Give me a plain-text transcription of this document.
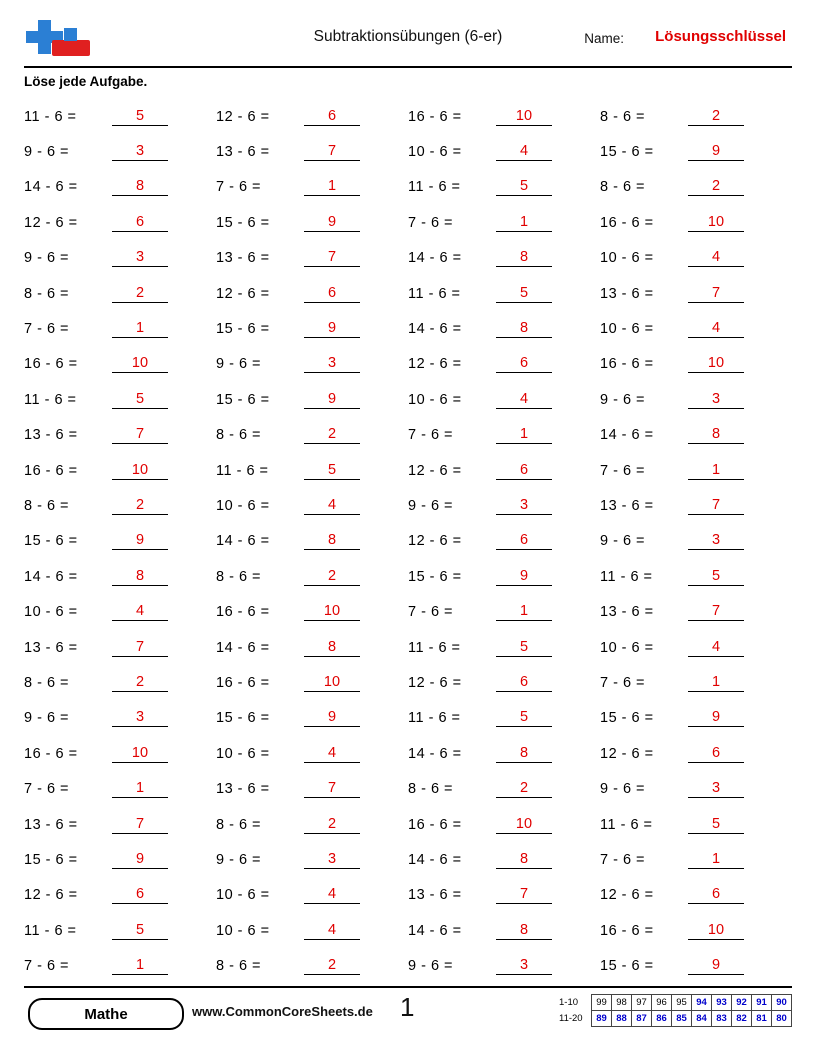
Subtraktionsübungen (6-er)	Name: Lösungsschlüssel
Löse jede Aufgabe.
11 - 6 =	5	12 - 6 =	6	16 - 6 =	10	8 - 6 =	2
9 - 6 =	3	13 - 6 =	7	10 - 6 =	4	15 - 6 =	9
14 - 6 =	8	7 - 6 =	1	11 - 6 =	5	8 - 6 =	2
12 - 6 =	6	15 - 6 =	9	7 - 6 =	1	16 - 6 =	10
9 - 6 =	3	13 - 6 =	7	14 - 6 =	8	10 - 6 =	4
8 - 6 =	2	12 - 6 =	6	11 - 6 =	5	13 - 6 =	7
7 - 6 =	1	15 - 6 =	9	14 - 6 =	8	10 - 6 =	4
16 - 6 =	10	9 - 6 =	3	12 - 6 =	6	16 - 6 =	10
11 - 6 =	5	15 - 6 =	9	10 - 6 =	4	9 - 6 =	3
13 - 6 =	7	8 - 6 =	2	7 - 6 =	1	14 - 6 =	8
16 - 6 =	10	11 - 6 =	5	12 - 6 =	6	7 - 6 =	1
8 - 6 =	2	10 - 6 =	4	9 - 6 =	3	13 - 6 =	7
15 - 6 =	9	14 - 6 =	8	12 - 6 =	6	9 - 6 =	3
14 - 6 =	8	8 - 6 =	2	15 - 6 =	9	11 - 6 =	5
10 - 6 =	4	16 - 6 =	10	7 - 6 =	1	13 - 6 =	7
13 - 6 =	7	14 - 6 =	8	11 - 6 =	5	10 - 6 =	4
8 - 6 =	2	16 - 6 =	10	12 - 6 =	6	7 - 6 =	1
9 - 6 =	3	15 - 6 =	9	11 - 6 =	5	15 - 6 =	9
16 - 6 =	10	10 - 6 =	4	14 - 6 =	8	12 - 6 =	6
7 - 6 =	1	13 - 6 =	7	8 - 6 =	2	9 - 6 =	3
13 - 6 =	7	8 - 6 =	2	16 - 6 =	10	11 - 6 =	5
15 - 6 =	9	9 - 6 =	3	14 - 6 =	8	7 - 6 =	1
12 - 6 =	6	10 - 6 =	4	13 - 6 =	7	12 - 6 =	6
11 - 6 =	5	10 - 6 =	4	14 - 6 =	8	16 - 6 =	10
7 - 6 =	1	8 - 6 =	2	9 - 6 =	3	15 - 6 =	9
Mathe	www.CommonCoreSheets.de 1	1-10	99	98	97	96	95	94	93	92	91	90
11-20	89	88	87	86	85	84	83	82	81	80
